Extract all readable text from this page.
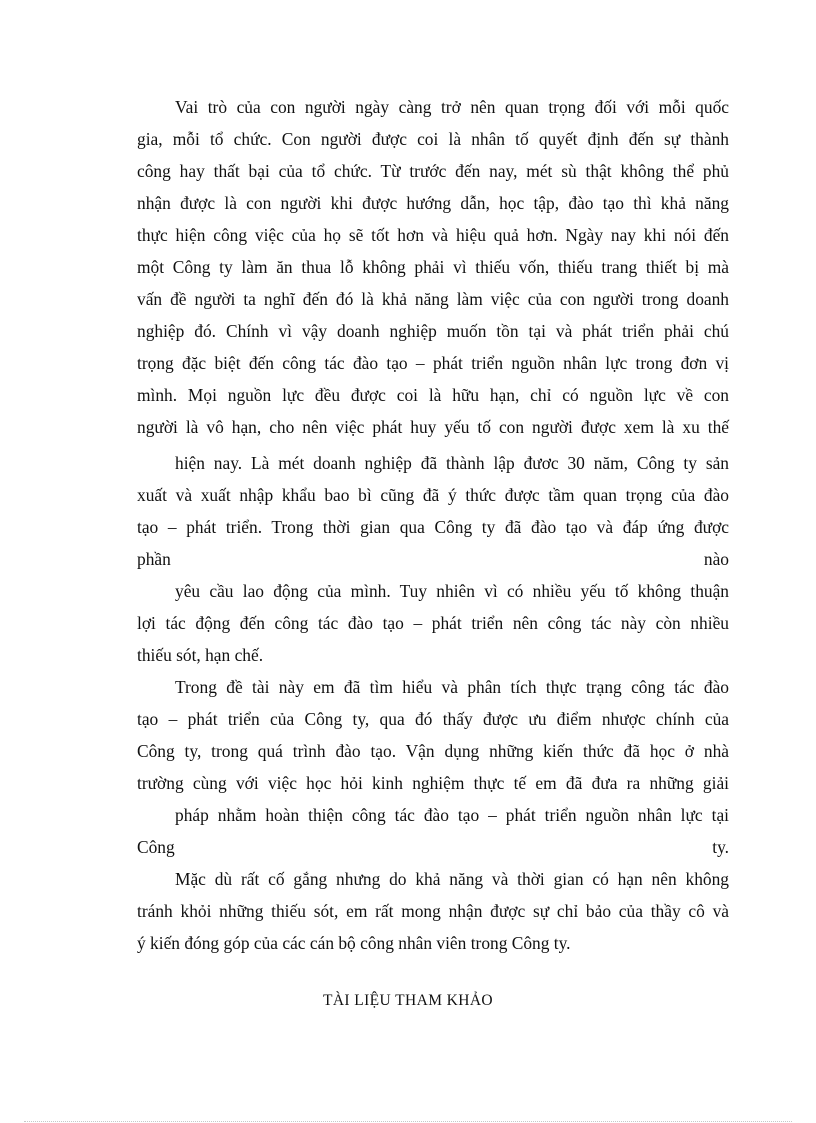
Vai trò của con người ngày càng trở nên quan trọng đối với mỗi quốc
gia, mỗi tổ chức. Con người được coi là nhân tố quyết định đến sự thành
công hay thất bại của tổ chức. Từ trước đến nay, mét sù thật không thể phủ
nhận được là con người khi được hướng dẫn, học tập, đào tạo thì khả năng
thực hiện công việc của họ sẽ tốt hơn và hiệu quả hơn. Ngày nay khi nói đến
một Công ty làm ăn thua lỗ không phải vì thiếu vốn, thiếu trang thiết bị mà
vấn đề người ta nghĩ đến đó là khả năng làm việc của con người trong doanh
nghiệp đó. Chính vì vậy doanh nghiệp muốn tồn tại và phát triển phải chú
trọng đặc biệt đến công tác đào tạo – phát triển nguồn nhân lực trong đơn vị
mình. Mọi nguồn lực đều được coi là hữu hạn, chỉ có nguồn lực về con
người là vô hạn, cho nên việc phát huy yếu tố con người được xem là xu thế
hiện nay. Là mét doanh nghiệp đã thành lập đươc 30 năm, Công ty sản
xuất và xuất nhập khẩu bao bì cũng đã ý thức được tầm quan trọng của đào
tạo – phát triển. Trong thời gian qua Công ty đã đào tạo và đáp ứng được
phần nào
yêu cầu lao động của mình. Tuy nhiên vì có nhiều yếu tố không thuận
lợi tác động đến công tác đào tạo – phát triển nên công tác này còn nhiều
thiếu sót, hạn chế.
Trong đề tài này em đã tìm hiểu và phân tích thực trạng công tác đào
tạo – phát triển của Công ty, qua đó thấy được ưu điểm nhược chính của
Công ty, trong quá trình đào tạo. Vận dụng những kiến thức đã học ở nhà
trường cùng với việc học hỏi kinh nghiệm thực tế em đã đưa ra những giải
pháp nhằm hoàn thiện công tác đào tạo – phát triển nguồn nhân lực tại
Công ty.
Mặc dù rất cố gắng nhưng do khả năng và thời gian có hạn nên không
tránh khỏi những thiếu sót, em rất mong nhận được sự chỉ bảo của thầy cô và
ý kiến đóng góp của các cán bộ công nhân viên trong Công ty.
TÀI LIỆU THAM KHẢO
